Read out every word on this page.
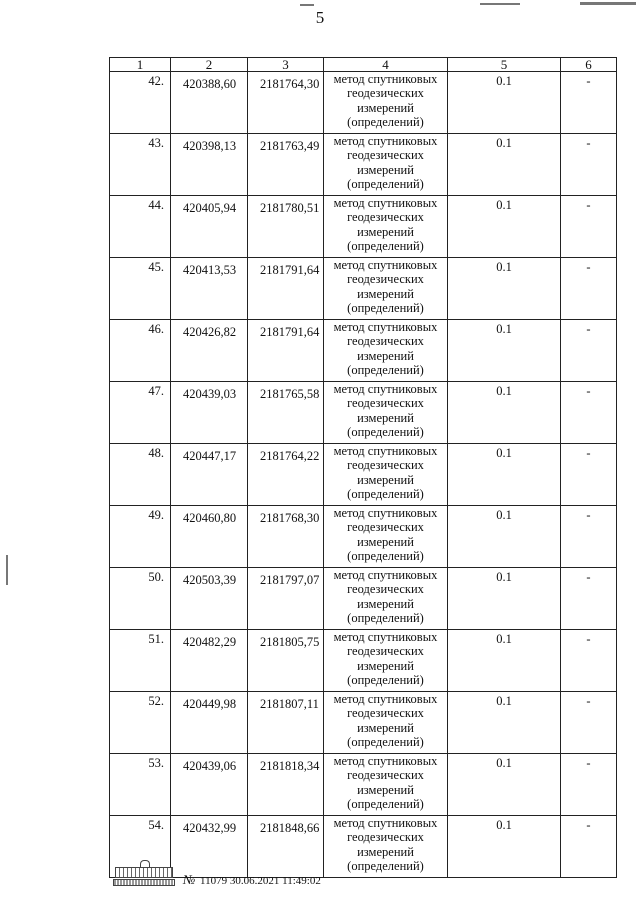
5
1	2	3	4	5	6
42.	420388,60	2181764,30	метод спутниковых
геодезических
измерений
(определений)	0.1	-
43.	420398,13	2181763,49	метод спутниковых
геодезических
измерений
(определений)	0.1	-
44.	420405,94	2181780,51	метод спутниковых
геодезических
измерений
(определений)	0.1	-
45.	420413,53	2181791,64	метод спутниковых
геодезических
измерений
(определений)	0.1	-
46.	420426,82	2181791,64	метод спутниковых
геодезических
измерений
(определений)	0.1	-
47.	420439,03	2181765,58	метод спутниковых
геодезических
измерений
(определений)	0.1	-
48.	420447,17	2181764,22	метод спутниковых
геодезических
измерений
(определений)	0.1	-
49.	420460,80	2181768,30	метод спутниковых
геодезических
измерений
(определений)	0.1	-
50.	420503,39	2181797,07	метод спутниковых
геодезических
измерений
(определений)	0.1	-
51.	420482,29	2181805,75	метод спутниковых
геодезических
измерений
(определений)	0.1	-
52.	420449,98	2181807,11	метод спутниковых
геодезических
измерений
(определений)	0.1	-
53.	420439,06	2181818,34	метод спутниковых
геодезических
измерений
(определений)	0.1	-
54.	420432,99	2181848,66	метод спутниковых
геодезических
измерений
(определений)	0.1	-
№ 11079 30.06.2021 11:49:02
